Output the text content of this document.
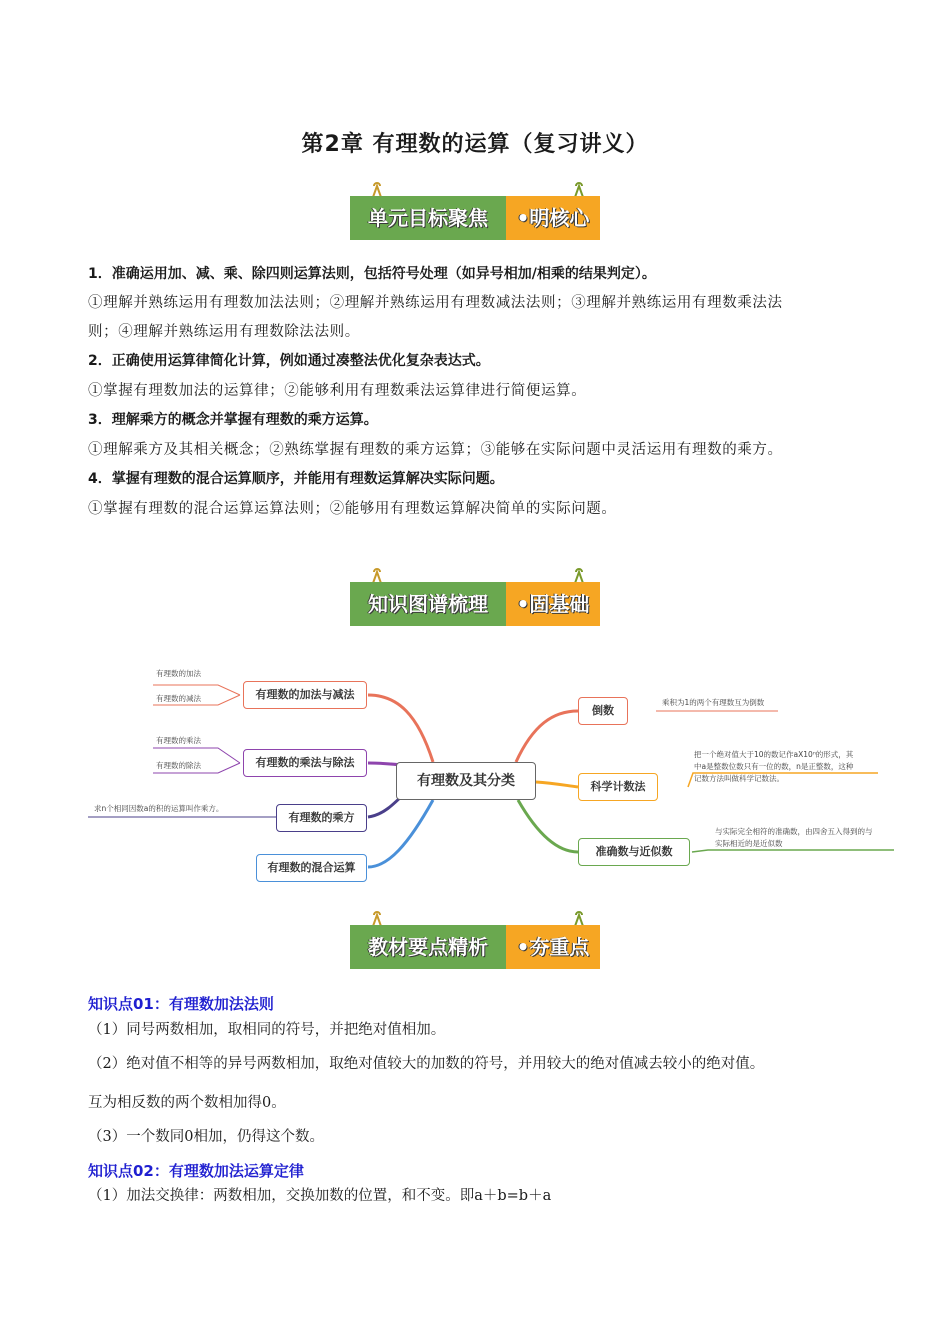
第2章 有理数的运算（复习讲义）
单元目标聚焦	•明核心
1．准确运用加、减、乘、除四则运算法则，包括符号处理（如异号相加/相乘的结果判定）。
①理解并熟练运用有理数加法法则；②理解并熟练运用有理数减法法则；③理解并熟练运用有理数乘法法
则；④理解并熟练运用有理数除法法则。
2．正确使用运算律简化计算，例如通过凑整法优化复杂表达式。
①掌握有理数加法的运算律；②能够利用有理数乘法运算律进行简便运算。
3．理解乘方的概念并掌握有理数的乘方运算。
①理解乘方及其相关概念；②熟练掌握有理数的乘方运算；③能够在实际问题中灵活运用有理数的乘方。
4．掌握有理数的混合运算顺序，并能用有理数运算解决实际问题。
①掌握有理数的混合运算运算法则；②能够用有理数运算解决简单的实际问题。
知识图谱梳理	•固基础
有理数及其分类
有理数的加法与减法
有理数的加法
有理数的减法
有理数的乘法与除法
有理数的乘法
有理数的除法
有理数的乘方
求n个相同因数a的积的运算叫作乘方。
有理数的混合运算
倒数
乘积为1的两个有理数互为倒数
科学计数法
把一个绝对值大于10的数记作aX10ⁿ的形式，其
中a是整数位数只有一位的数，n是正整数，这种
记数方法叫做科学记数法。
准确数与近似数
与实际完全相符的准确数，由四舍五入得到的与
实际相近的是近似数
教材要点精析	•夯重点
知识点01：有理数加法法则
（1）同号两数相加，取相同的符号，并把绝对值相加。
（2）绝对值不相等的异号两数相加，取绝对值较大的加数的符号，并用较大的绝对值减去较小的绝对值。
互为相反数的两个数相加得0。
（3）一个数同0相加，仍得这个数。
知识点02：有理数加法运算定律
（1）加法交换律：两数相加，交换加数的位置，和不变。即a＋b=b＋a
